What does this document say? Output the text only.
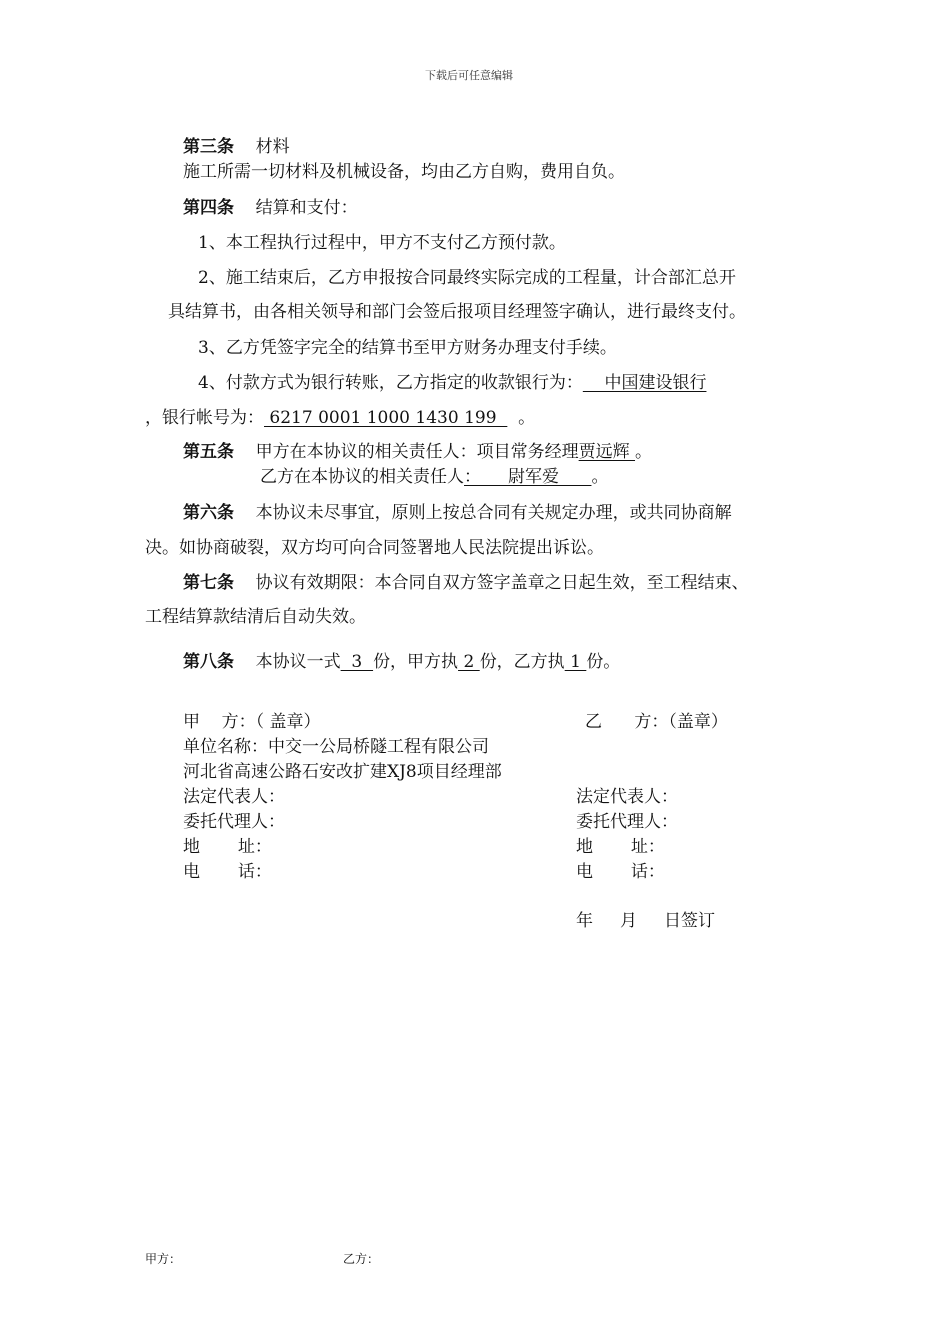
下载后可任意编辑
第三条 材料
施工所需一切材料及机械设备，均由乙方自购，费用自负。
第四条 结算和支付：
1、本工程执行过程中，甲方不支付乙方预付款。
2、施工结束后，乙方申报按合同最终实际完成的工程量，计合部汇总开
具结算书，由各相关领导和部门会签后报项目经理签字确认，进行最终支付。
3、乙方凭签字完全的结算书至甲方财务办理支付手续。
4、付款方式为银行转账，乙方指定的收款银行为：    中国建设银行
，银行帐号为： 6217 0001 1000 1430 199    。
第五条 甲方在本协议的相关责任人：项目常务经理贾远辉 。
乙方在本协议的相关责任人：     尉军爱      。
第六条 本协议未尽事宜，原则上按总合同有关规定办理，或共同协商解
决。如协商破裂，双方均可向合同签署地人民法院提出诉讼。
第七条 协议有效期限：本合同自双方签字盖章之日起生效，至工程结束、
工程结算款结清后自动失效。
第八条 本协议一式  3  份，甲方执 2 份，乙方执 1 份。
甲    方：（ 盖章）
单位名称：中交一公局桥隧工程有限公司
河北省高速公路石安改扩建XJ8项目经理部
法定代表人：
委托代理人：
地       址：
电       话：
乙      方：（盖章）
法定代表人：
委托代理人：
地       址：
电       话：
年     月     日签订
甲方：	乙方：
